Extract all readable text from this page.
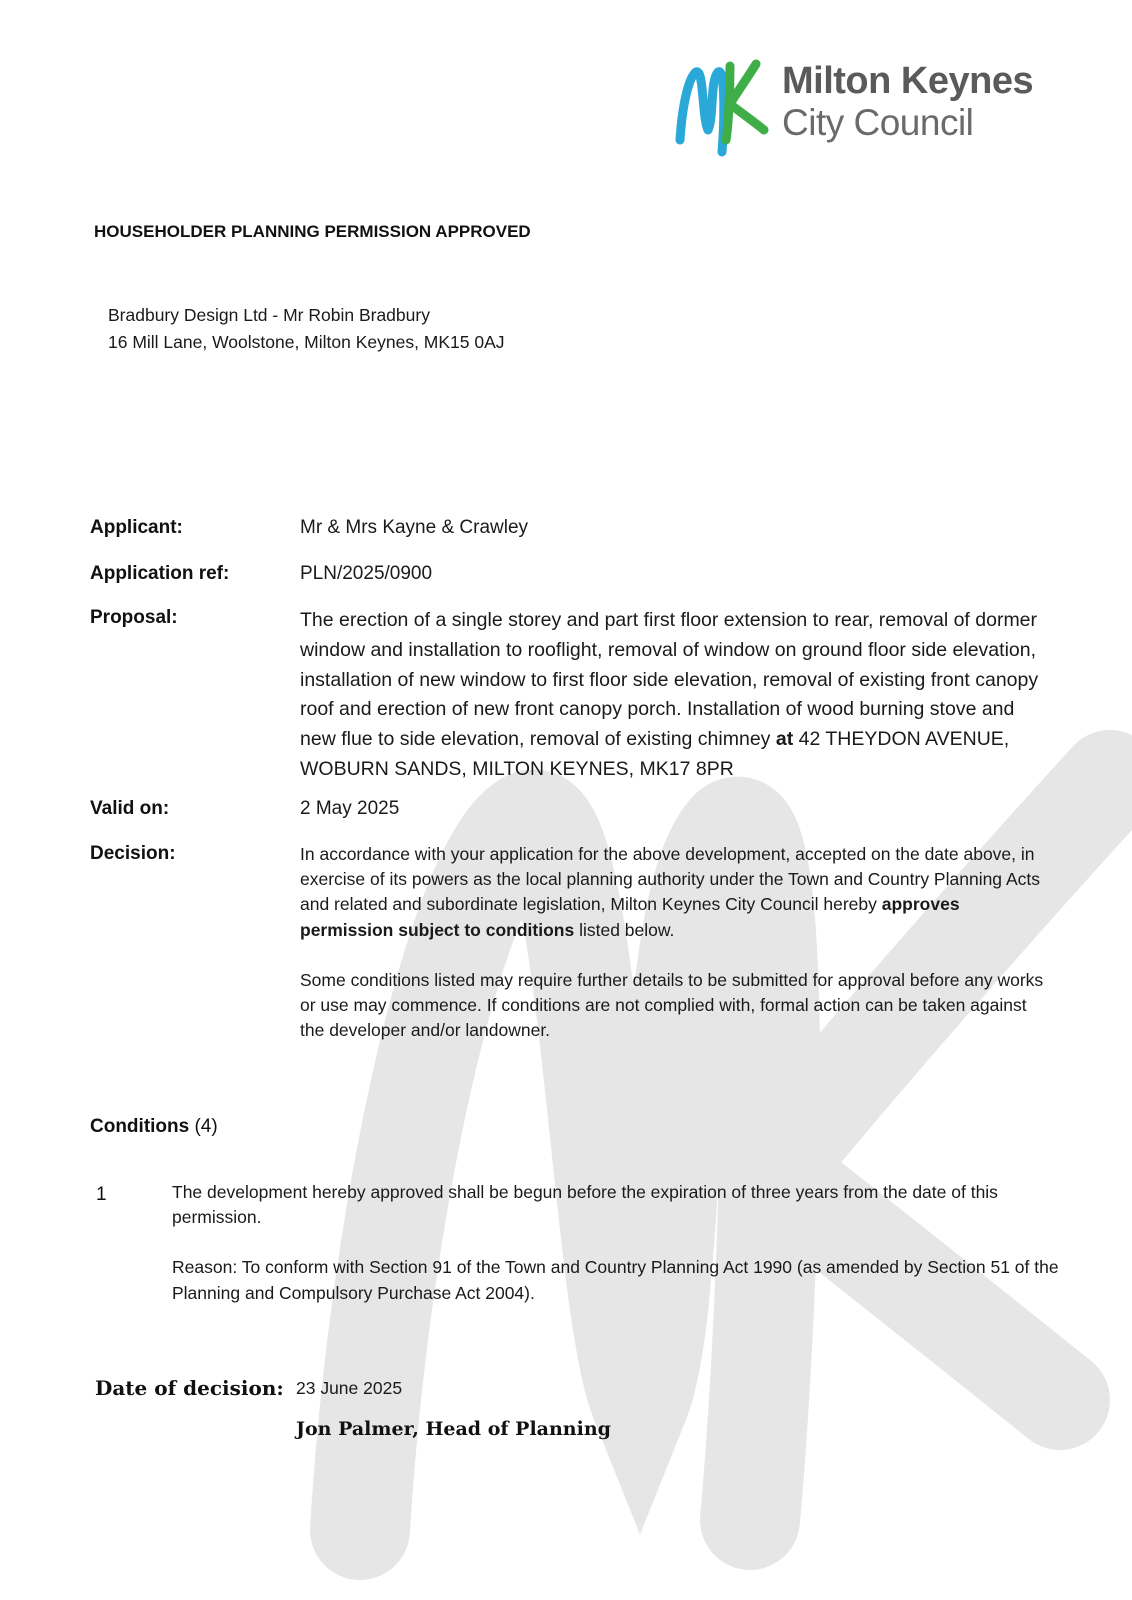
Milton Keynes
City Council
HOUSEHOLDER PLANNING PERMISSION APPROVED
Bradbury Design Ltd - Mr Robin Bradbury
16 Mill Lane, Woolstone, Milton Keynes, MK15 0AJ
Applicant:	Mr & Mrs Kayne & Crawley
Application ref:	PLN/2025/0900
Proposal:	The erection of a single storey and part first floor extension to rear, removal of dormer window and installation to rooflight, removal of window on ground floor side elevation, installation of new window to first floor side elevation, removal of existing front canopy roof and erection of new front canopy porch. Installation of wood burning stove and new flue to side elevation, removal of existing chimney at 42 THEYDON AVENUE, WOBURN SANDS, MILTON KEYNES, MK17 8PR
Valid on:	2 May 2025
Decision:	In accordance with your application for the above development, accepted on the date above, in exercise of its powers as the local planning authority under the Town and Country Planning Acts and related and subordinate legislation, Milton Keynes City Council hereby approves permission subject to conditions listed below.

Some conditions listed may require further details to be submitted for approval before any works or use may commence. If conditions are not complied with, formal action can be taken against the developer and/or landowner.

Conditions (4)
1	The development hereby approved shall be begun before the expiration of three years from the date of this permission.

Reason: To conform with Section 91 of the Town and Country Planning Act 1990 (as amended by Section 51 of the Planning and Compulsory Purchase Act 2004).

Date of decision: 23 June 2025
Jon Palmer, Head of Planning
